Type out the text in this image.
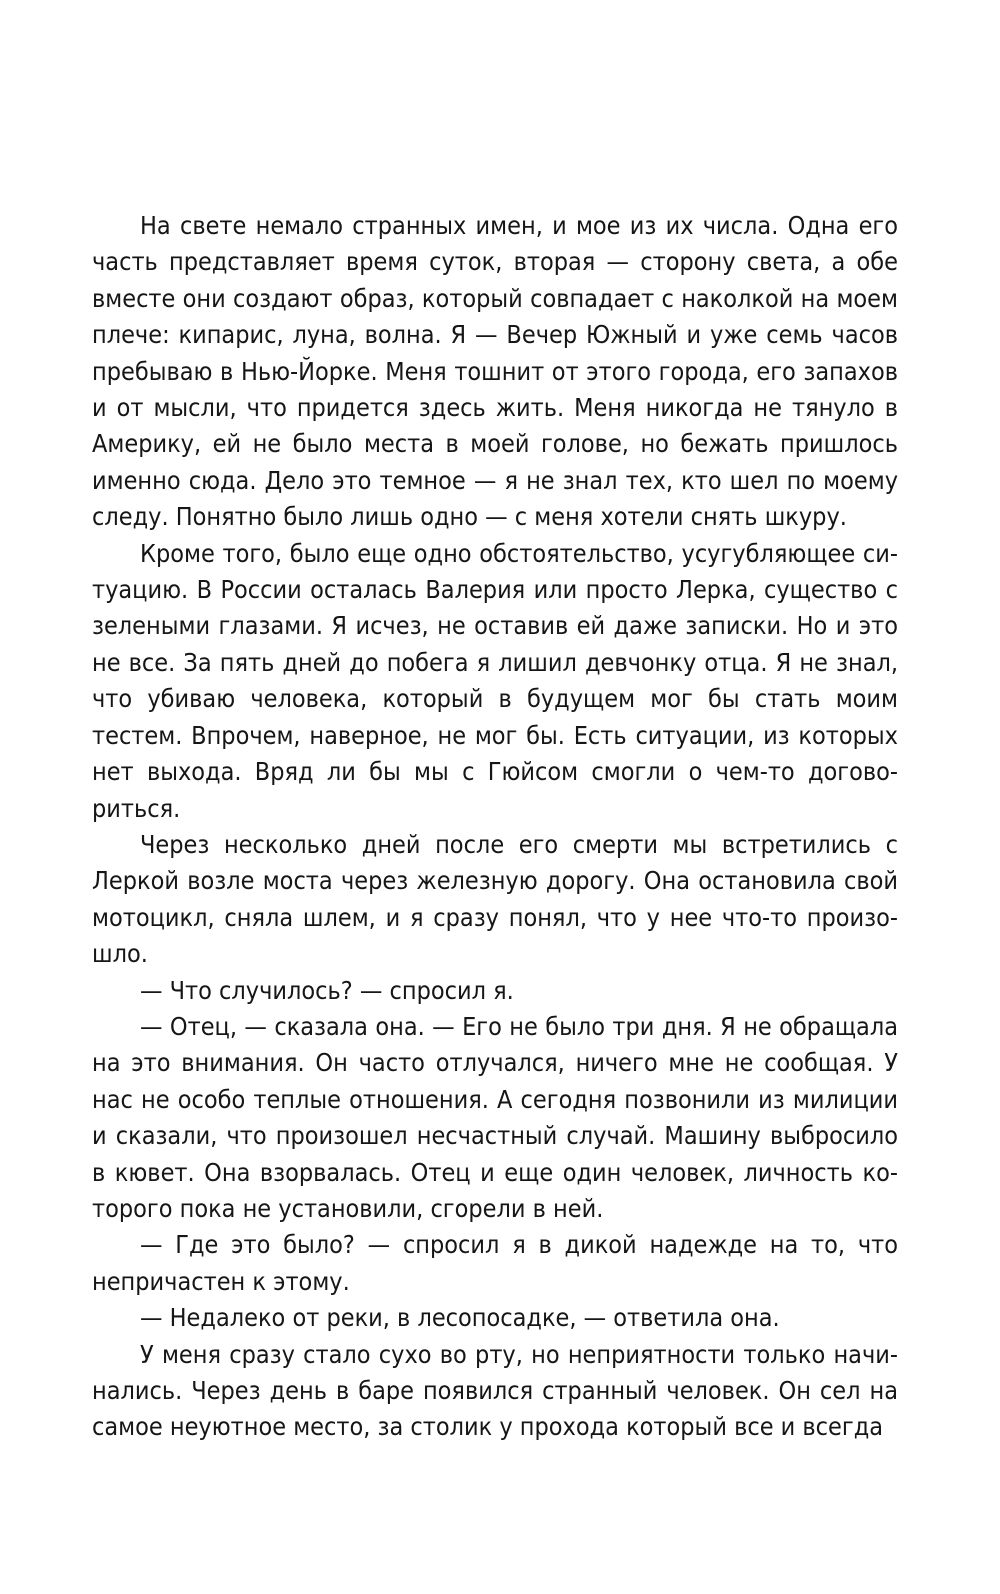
На свете немало странных имен, и мое из их числа. Одна его часть представляет время суток, вторая — сторону света, а обе вместе они создают образ, который совпадает с наколкой на моем плече: кипарис, луна, волна. Я — Вечер Южный и уже семь часов пребываю в Нью-Йорке. Меня тошнит от этого города, его запахов и от мысли, что придется здесь жить. Меня никогда не тянуло в Америку, ей не было места в моей голове, но бежать пришлось именно сюда. Дело это темное — я не знал тех, кто шел по моему следу. Понятно было лишь одно — с меня хотели снять шкуру.

Кроме того, было еще одно обстоятельство, усугубляющее ситуацию. В России осталась Валерия или просто Лерка, существо с зелеными глазами. Я исчез, не оставив ей даже записки. Но и это не все. За пять дней до побега я лишил девчонку отца. Я не знал, что убиваю человека, который в будущем мог бы стать моим тестем. Впрочем, наверное, не мог бы. Есть ситуации, из которых нет выхода. Вряд ли бы мы с Гюйсом смогли о чем-то договориться.

Через несколько дней после его смерти мы встретились с Леркой возле моста через железную дорогу. Она остановила свой мотоцикл, сняла шлем, и я сразу понял, что у нее что-то произошло.

— Что случилось? — спросил я.

— Отец, — сказала она. — Его не было три дня. Я не обращала на это внимания. Он часто отлучался, ничего мне не сообщая. У нас не особо теплые отношения. А сегодня позвонили из милиции и сказали, что произошел несчастный случай. Машину выбросило в кювет. Она взорвалась. Отец и еще один человек, личность которого пока не установили, сгорели в ней.

— Где это было? — спросил я в дикой надежде на то, что непричастен к этому.

— Недалеко от реки, в лесопосадке, — ответила она.

У меня сразу стало сухо во рту, но неприятности только начинались. Через день в баре появился странный человек. Он сел на самое неуютное место, за столик у прохода который все и всегда
